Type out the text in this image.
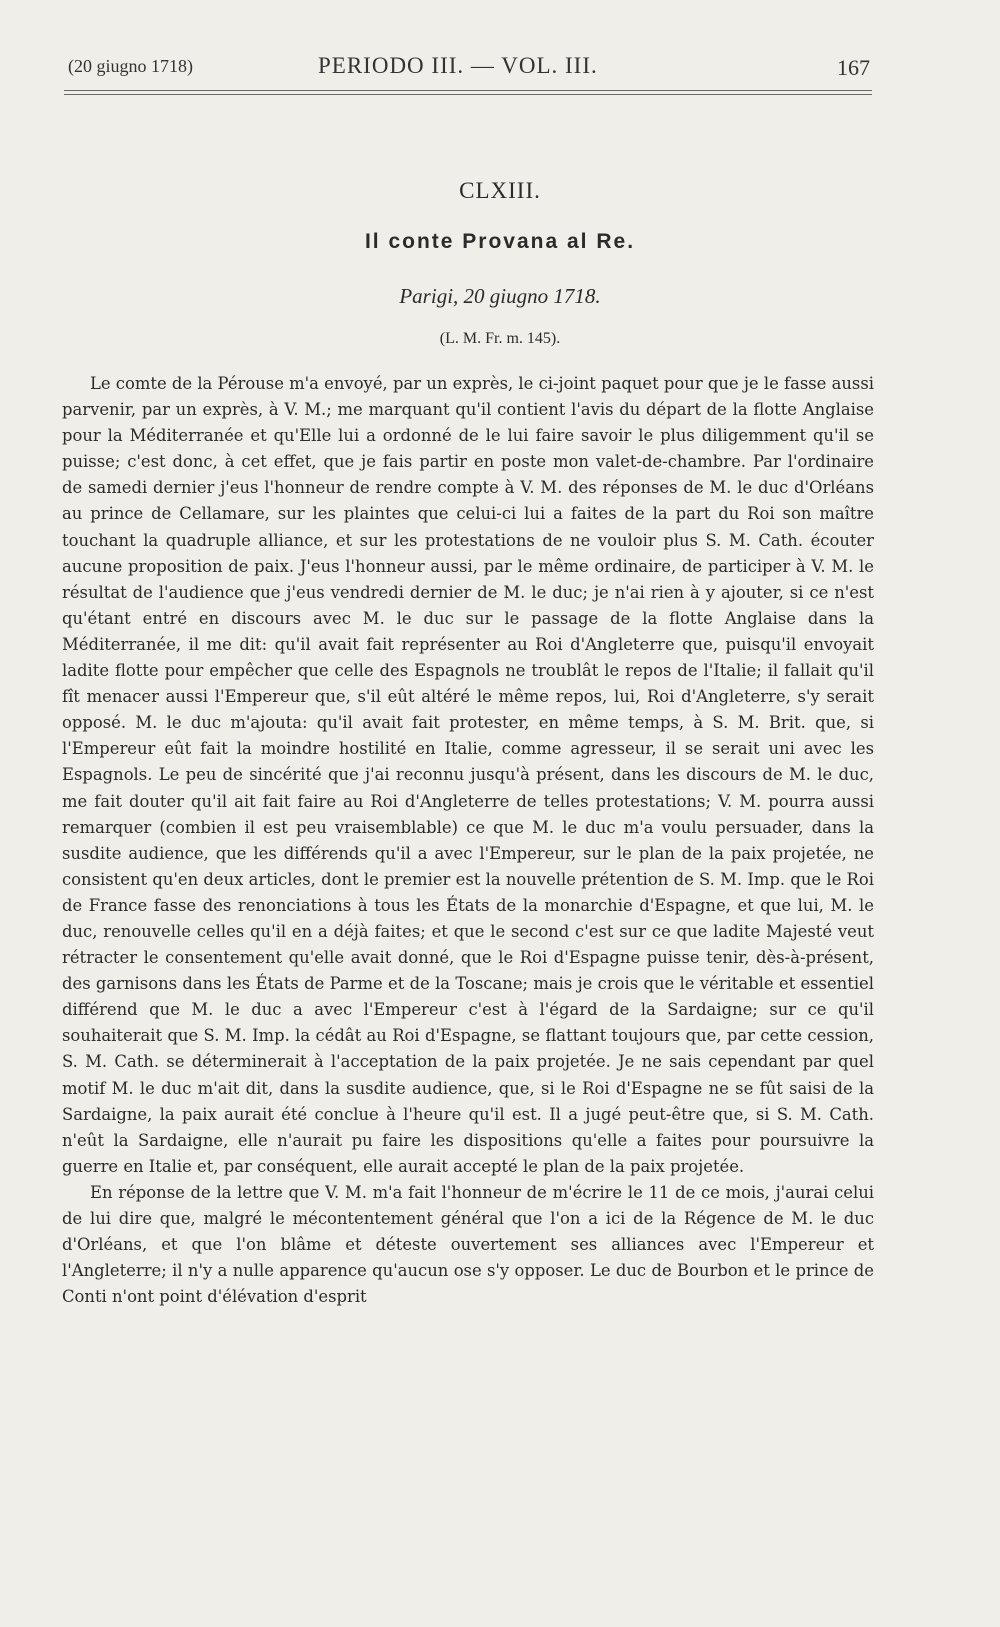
(20 giugno 1718)	PERIODO III. — VOL. III.	167
CLXIII.
Il conte Provana al Re.
Parigi, 20 giugno 1718.
(L. M. Fr. m. 145).

Le comte de la Pérouse m'a envoyé, par un exprès, le ci-joint paquet pour que je le fasse aussi parvenir, par un exprès, à V. M.; me marquant qu'il contient l'avis du départ de la flotte Anglaise pour la Méditerranée et qu'Elle lui a ordonné de le lui faire savoir le plus diligemment qu'il se puisse; c'est donc, à cet effet, que je fais partir en poste mon valet-de-chambre. Par l'ordinaire de samedi dernier j'eus l'honneur de rendre compte à V. M. des réponses de M. le duc d'Orléans au prince de Cellamare, sur les plaintes que celui-ci lui a faites de la part du Roi son maître touchant la quadruple alliance, et sur les protestations de ne vouloir plus S. M. Cath. écouter aucune proposition de paix. J'eus l'honneur aussi, par le même ordinaire, de participer à V. M. le résultat de l'audience que j'eus vendredi dernier de M. le duc; je n'ai rien à y ajouter, si ce n'est qu'étant entré en discours avec M. le duc sur le passage de la flotte Anglaise dans la Méditerranée, il me dit: qu'il avait fait représenter au Roi d'Angleterre que, puisqu'il envoyait ladite flotte pour empêcher que celle des Espagnols ne troublât le repos de l'Italie; il fallait qu'il fît menacer aussi l'Empereur que, s'il eût altéré le même repos, lui, Roi d'Angleterre, s'y serait opposé. M. le duc m'ajouta: qu'il avait fait protester, en même temps, à S. M. Brit. que, si l'Empereur eût fait la moindre hostilité en Italie, comme agresseur, il se serait uni avec les Espagnols. Le peu de sincérité que j'ai reconnu jusqu'à présent, dans les discours de M. le duc, me fait douter qu'il ait fait faire au Roi d'Angleterre de telles protestations; V. M. pourra aussi remarquer (combien il est peu vraisemblable) ce que M. le duc m'a voulu persuader, dans la susdite audience, que les différends qu'il a avec l'Empereur, sur le plan de la paix projetée, ne consistent qu'en deux articles, dont le premier est la nouvelle prétention de S. M. Imp. que le Roi de France fasse des renonciations à tous les États de la monarchie d'Espagne, et que lui, M. le duc, renouvelle celles qu'il en a déjà faites; et que le second c'est sur ce que ladite Majesté veut rétracter le consentement qu'elle avait donné, que le Roi d'Espagne puisse tenir, dès-à-présent, des garnisons dans les États de Parme et de la Toscane; mais je crois que le véritable et essentiel différend que M. le duc a avec l'Empereur c'est à l'égard de la Sardaigne; sur ce qu'il souhaiterait que S. M. Imp. la cédât au Roi d'Espagne, se flattant toujours que, par cette cession, S. M. Cath. se déterminerait à l'acceptation de la paix projetée. Je ne sais cependant par quel motif M. le duc m'ait dit, dans la susdite audience, que, si le Roi d'Espagne ne se fût saisi de la Sardaigne, la paix aurait été conclue à l'heure qu'il est. Il a jugé peut-être que, si S. M. Cath. n'eût la Sardaigne, elle n'aurait pu faire les dispositions qu'elle a faites pour poursuivre la guerre en Italie et, par conséquent, elle aurait accepté le plan de la paix projetée.

En réponse de la lettre que V. M. m'a fait l'honneur de m'écrire le 11 de ce mois, j'aurai celui de lui dire que, malgré le mécontentement général que l'on a ici de la Régence de M. le duc d'Orléans, et que l'on blâme et déteste ouvertement ses alliances avec l'Empereur et l'Angleterre; il n'y a nulle apparence qu'aucun ose s'y opposer. Le duc de Bourbon et le prince de Conti n'ont point d'élévation d'esprit
